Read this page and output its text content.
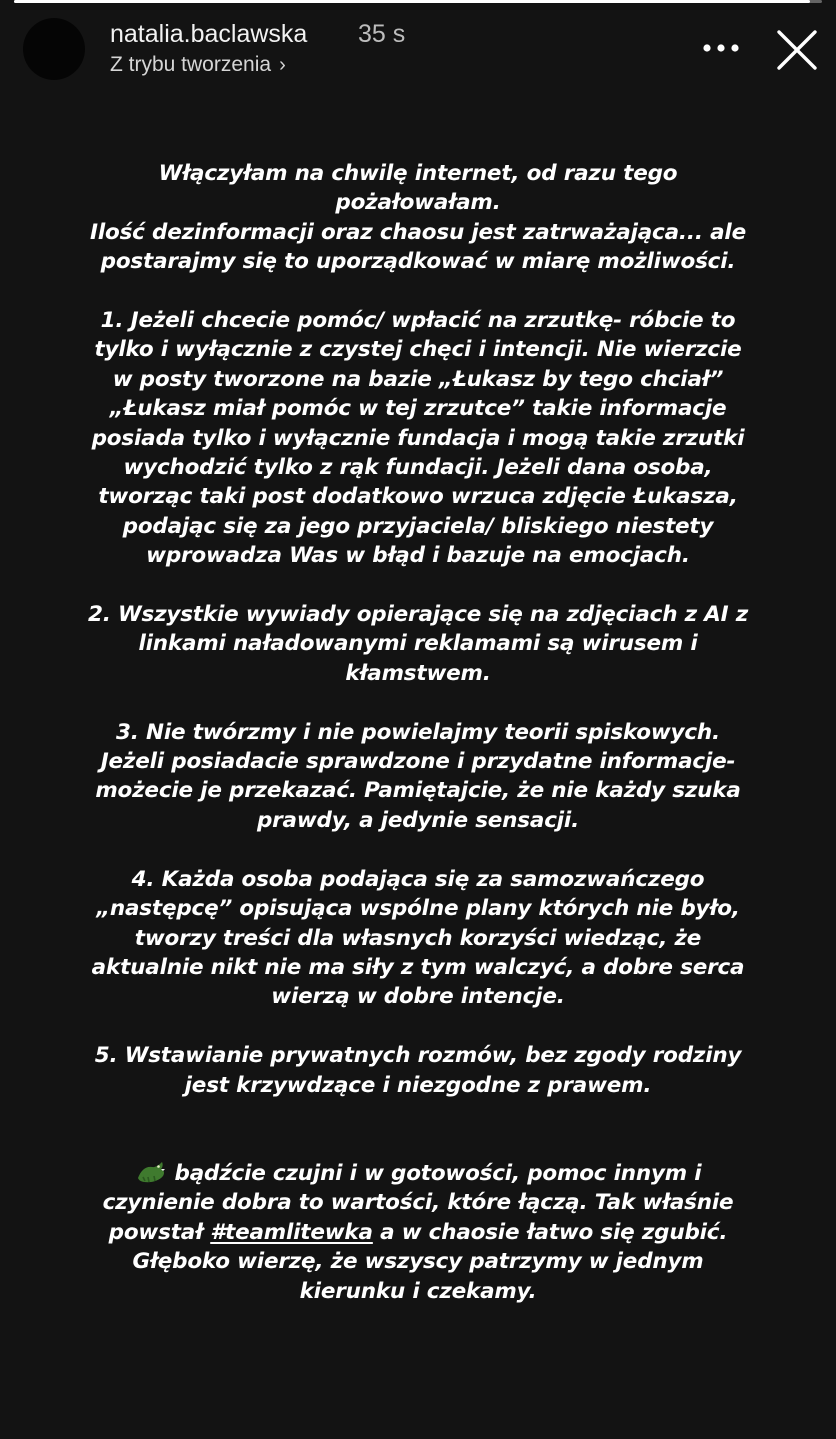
natalia.baclawska 35 s
Z trybu tworzenia ›

Włączyłam na chwilę internet, od razu tego

pożałowałam.

Ilość dezinformacji oraz chaosu jest zatrważająca... ale

postarajmy się to uporządkować w miarę możliwości.

1. Jeżeli chcecie pomóc/ wpłacić na zrzutkę- róbcie to

tylko i wyłącznie z czystej chęci i intencji. Nie wierzcie

w posty tworzone na bazie „Łukasz by tego chciał”

„Łukasz miał pomóc w tej zrzutce” takie informacje

posiada tylko i wyłącznie fundacja i mogą takie zrzutki

wychodzić tylko z rąk fundacji. Jeżeli dana osoba,

tworząc taki post dodatkowo wrzuca zdjęcie Łukasza,

podając się za jego przyjaciela/ bliskiego niestety

wprowadza Was w błąd i bazuje na emocjach.

2. Wszystkie wywiady opierające się na zdjęciach z AI z

linkami naładowanymi reklamami są wirusem i

kłamstwem.

3. Nie twórzmy i nie powielajmy teorii spiskowych.

Jeżeli posiadacie sprawdzone i przydatne informacje-

możecie je przekazać. Pamiętajcie, że nie każdy szuka

prawdy, a jedynie sensacji.

4. Każda osoba podająca się za samozwańczego

„następcę” opisująca wspólne plany których nie było,

tworzy treści dla własnych korzyści wiedząc, że

aktualnie nikt nie ma siły z tym walczyć, a dobre serca

wierzą w dobre intencje.

5. Wstawianie prywatnych rozmów, bez zgody rodziny

jest krzywdzące i niezgodne z prawem.

bądźcie czujni i w gotowości, pomoc innym i

czynienie dobra to wartości, które łączą. Tak właśnie

powstał #teamlitewka a w chaosie łatwo się zgubić.

Głęboko wierzę, że wszyscy patrzymy w jednym

kierunku i czekamy.
